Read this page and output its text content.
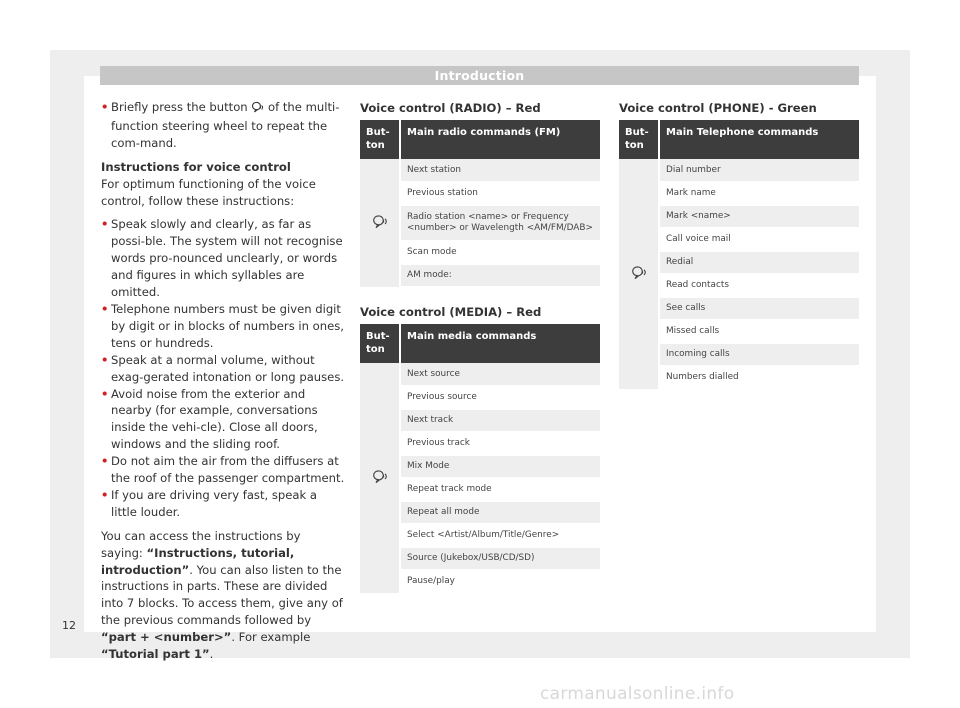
Introduction

• Briefly press the button of the multi-function steering wheel to repeat the com-mand.

Instructions for voice control

For optimum functioning of the voice control, follow these instructions:

• Speak slowly and clearly, as far as possi-ble. The system will not recognise words pro-nounced unclearly, or words and figures in which syllables are omitted.

• Telephone numbers must be given digit by digit or in blocks of numbers in ones, tens or hundreds.

• Speak at a normal volume, without exag-gerated intonation or long pauses.

• Avoid noise from the exterior and nearby (for example, conversations inside the vehi-cle). Close all doors, windows and the sliding roof.

• Do not aim the air from the diffusers at the roof of the passenger compartment.

• If you are driving very fast, speak a little louder.

You can access the instructions by saying: “Instructions, tutorial, introduction”. You can also listen to the instructions in parts. These are divided into 7 blocks. To access them, give any of the previous commands followed by “part + <number>”. For example “Tutorial part 1”.

Voice control (RADIO) – Red
But-ton	Main radio commands (FM)
	Next station
	Previous station
	Radio station <name> or Frequency <number> or Wavelength <AM/FM/DAB>
	Scan mode
	AM mode:
Voice control (MEDIA) – Red
But-ton	Main media commands
	Next source
	Previous source
	Next track
	Previous track
	Mix Mode
	Repeat track mode
	Repeat all mode
	Select <Artist/Album/Title/Genre>
	Source (Jukebox/USB/CD/SD)
	Pause/play
Voice control (PHONE) - Green
But-ton	Main Telephone commands
	Dial number
	Mark name
	Mark <name>
	Call voice mail
	Redial
	Read contacts
	See calls
	Missed calls
	Incoming calls
	Numbers dialled
12
carmanualsonline.info
